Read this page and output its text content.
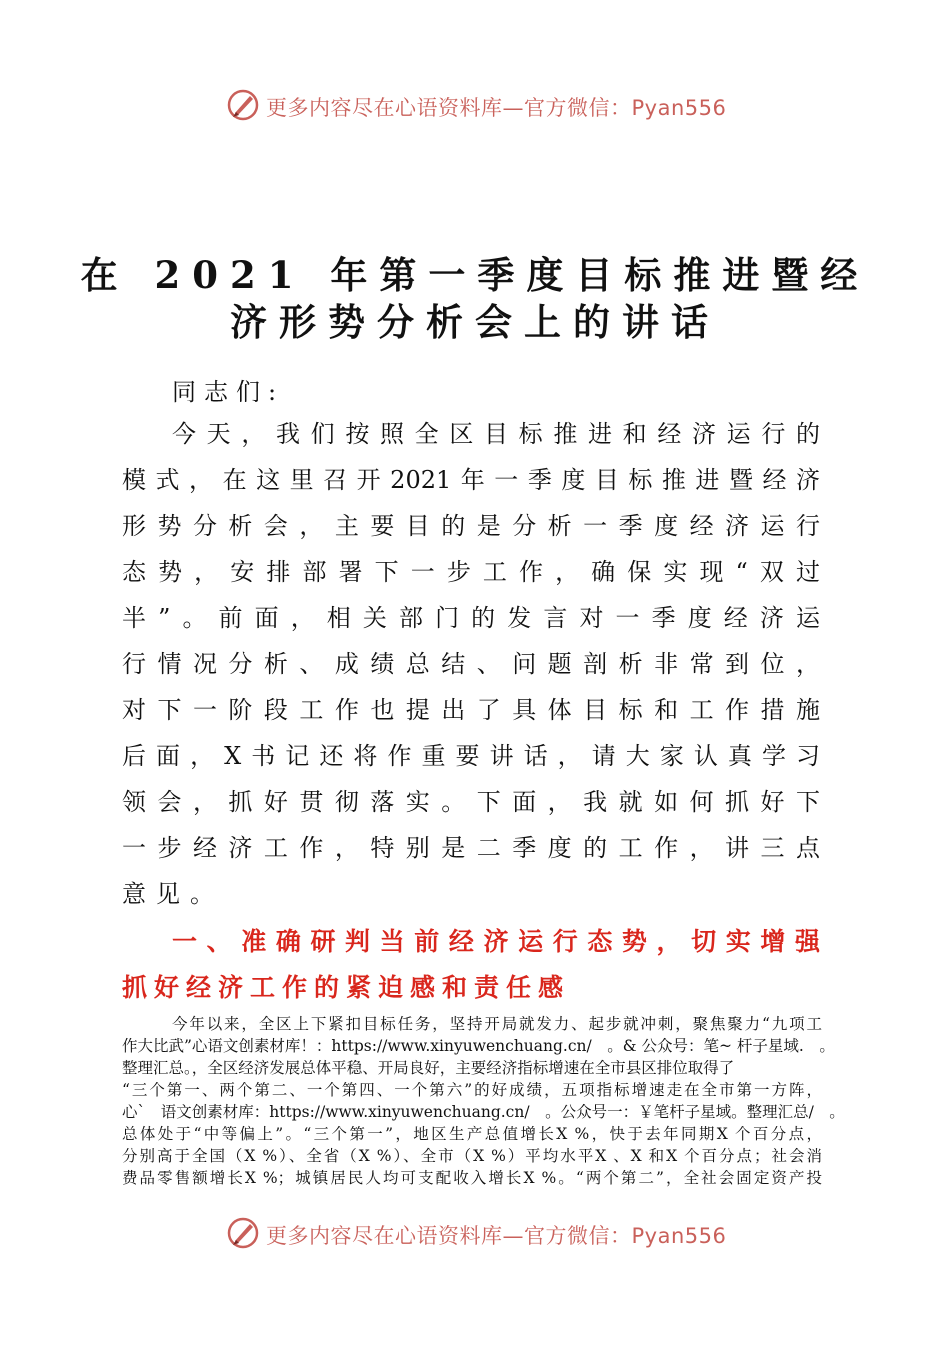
更多内容尽在心语资料库—官方微信：Pyan556
在 2021 年第一季度目标推进暨经
济形势分析会上的讲话
同志们:
今天，我们按照全区目标推进和经济运行的
模式，在这里召开2021年一季度目标推进暨经济
形势分析会，主要目的是分析一季度经济运行
态势，安排部署下一步工作，确保实现“双过
半”。前面，相关部门的发言对一季度经济运
行情况分析、成绩总结、问题剖析非常到位，
对下一阶段工作也提出了具体目标和工作措施
后面，X书记还将作重要讲话，请大家认真学习
领会，抓好贯彻落实。下面，我就如何抓好下
一步经济工作，特别是二季度的工作，讲三点
意见。
一、准确研判当前经济运行态势，切实增强
抓好经济工作的紧迫感和责任感
今年以来，全区上下紧扣目标任务，坚持开局就发力、起步就冲刺，聚焦聚力“九项工
作大比武”心语文创素材库！：https://www.xinyuwenchuang.cn/　。& 公众号：笔~ 杆子星域.　。
整理汇总。，全区经济发展总体平稳、开局良好，主要经济指标增速在全市县区排位取得了
“三个第一、两个第二、一个第四、一个第六”的好成绩，五项指标增速走在全市第一方阵，
心`　语文创素材库：https://www.xinyuwenchuang.cn/　。公众号一：￥笔杆子星域。整理汇总/　。
总体处于“中等偏上”。“三个第一”，地区生产总值增长X %，快于去年同期X 个百分点，
分别高于全国（X %）、全省（X %）、全市（X %）平均水平X 、X 和X 个百分点；社会消
费品零售额增长X %；城镇居民人均可支配收入增长X %。“两个第二”，全社会固定资产投
更多内容尽在心语资料库—官方微信：Pyan556
